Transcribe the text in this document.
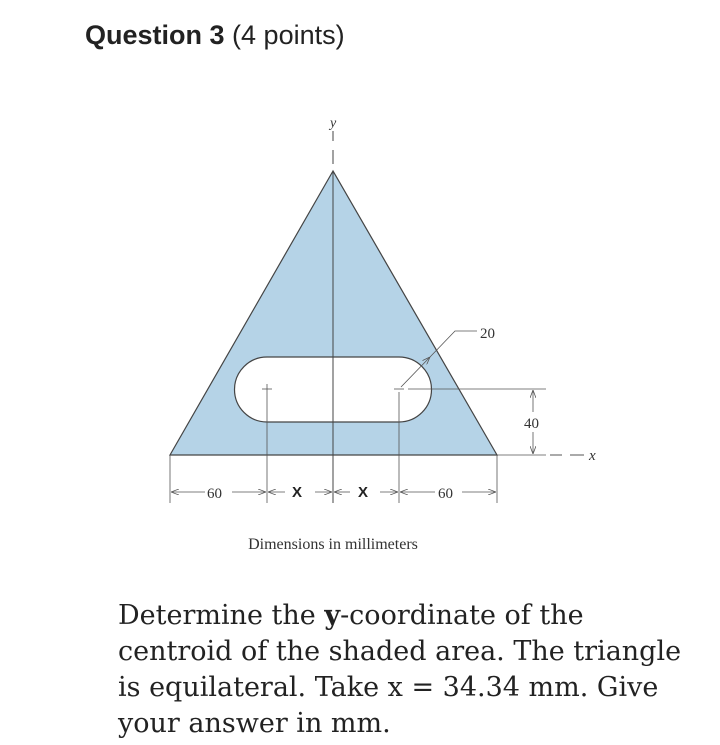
Question 3 (4 points)
y
20
40
x
60	X	X	60
Dimensions in millimeters
Determine the y-coordinate of the centroid of the shaded area. The triangle is equilateral. Take x = 34.34 mm. Give your answer in mm.
